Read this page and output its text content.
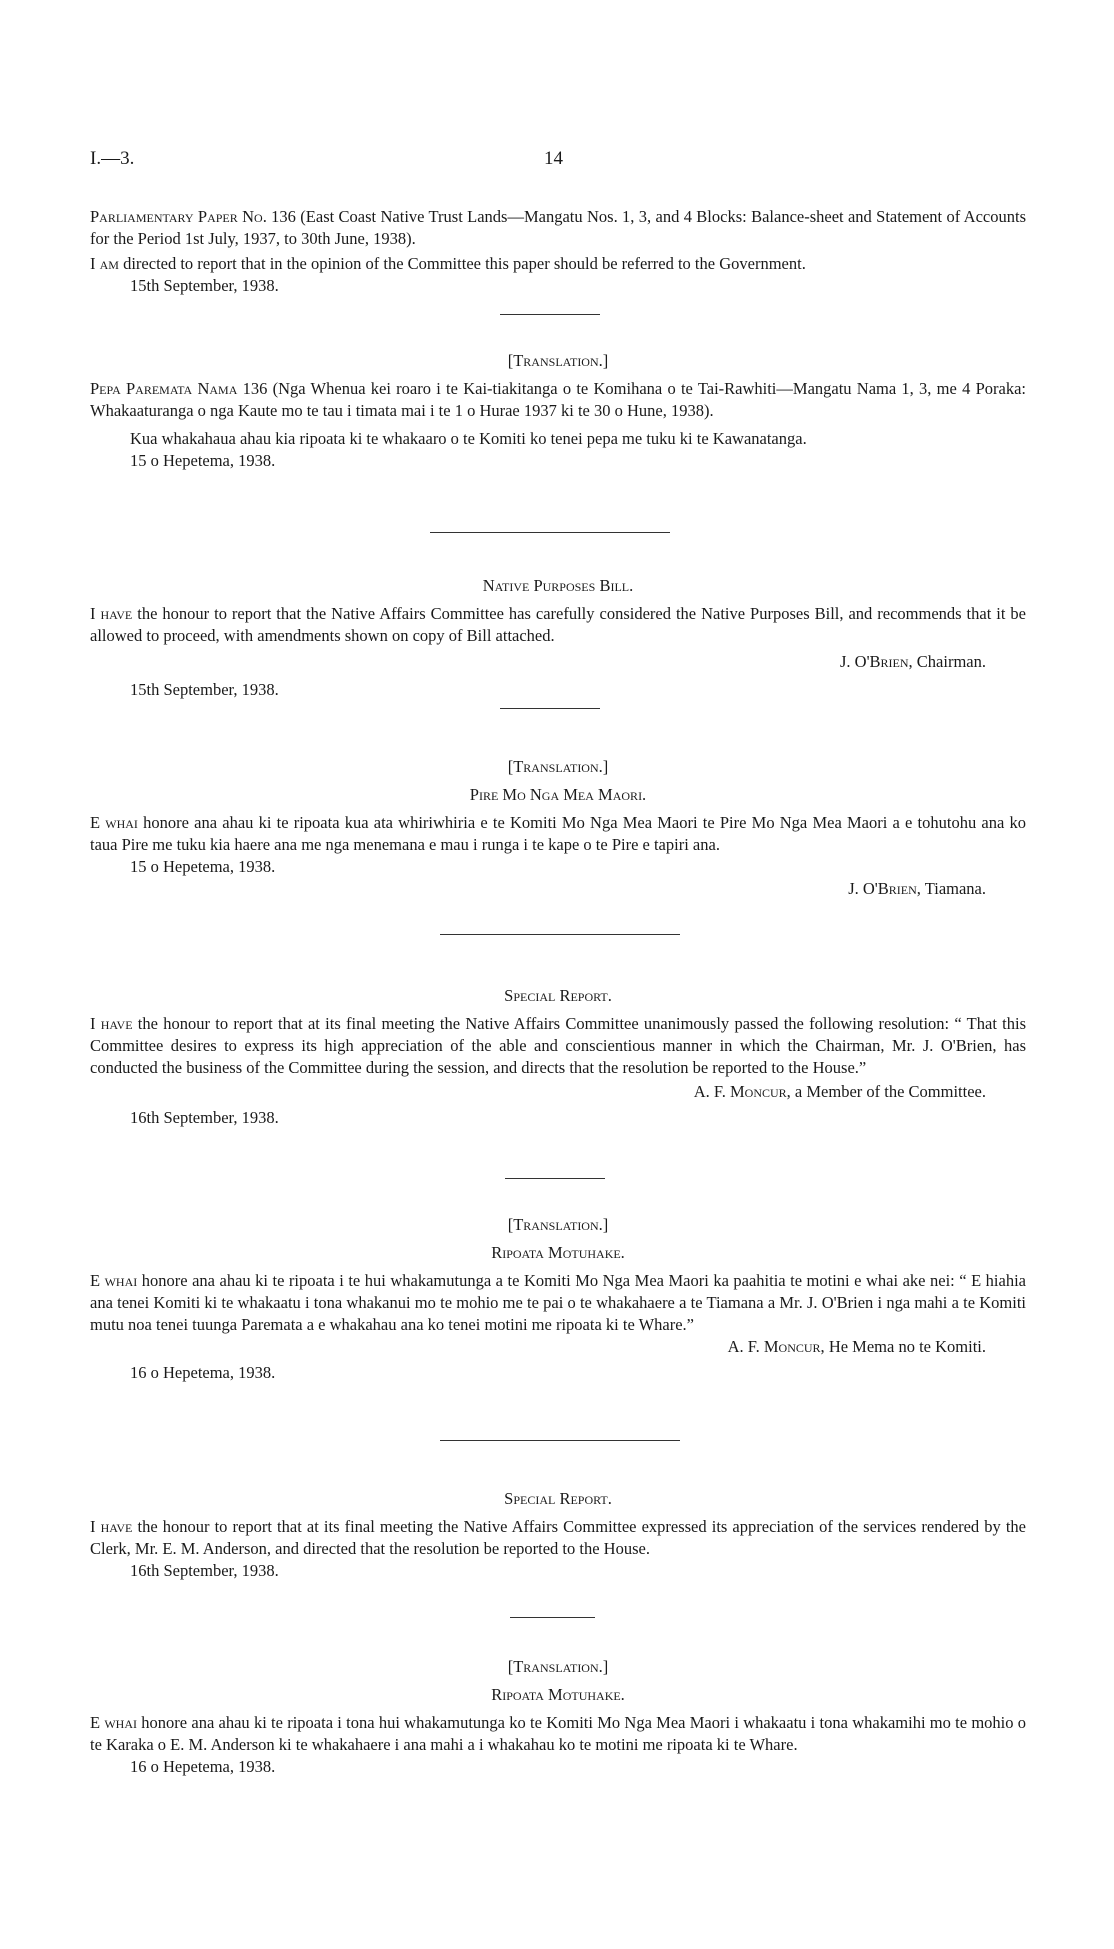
I.—3.	14

Parliamentary Paper No. 136 (East Coast Native Trust Lands—Mangatu Nos. 1, 3, and 4 Blocks: Balance-sheet and Statement of Accounts for the Period 1st July, 1937, to 30th June, 1938).

I am directed to report that in the opinion of the Committee this paper should be referred to the Government.

15th September, 1938.

[Translation.]

Pepa Paremata Nama 136 (Nga Whenua kei roaro i te Kai-tiakitanga o te Komihana o te Tai-Rawhiti—Mangatu Nama 1, 3, me 4 Poraka: Whakaaturanga o nga Kaute mo te tau i timata mai i te 1 o Hurae 1937 ki te 30 o Hune, 1938).

Kua whakahaua ahau kia ripoata ki te whakaaro o te Komiti ko tenei pepa me tuku ki te Kawanatanga.

15 o Hepetema, 1938.

Native Purposes Bill.

I have the honour to report that the Native Affairs Committee has carefully considered the Native Purposes Bill, and recommends that it be allowed to proceed, with amendments shown on copy of Bill attached.

J. O'Brien, Chairman.

15th September, 1938.

[Translation.]

Pire Mo Nga Mea Maori.

E whai honore ana ahau ki te ripoata kua ata whiriwhiria e te Komiti Mo Nga Mea Maori te Pire Mo Nga Mea Maori a e tohutohu ana ko taua Pire me tuku kia haere ana me nga menemana e mau i runga i te kape o te Pire e tapiri ana.

15 o Hepetema, 1938.

J. O'Brien, Tiamana.

Special Report.

I have the honour to report that at its final meeting the Native Affairs Committee unanimously passed the following resolution: “ That this Committee desires to express its high appreciation of the able and conscientious manner in which the Chairman, Mr. J. O'Brien, has conducted the business of the Committee during the session, and directs that the resolution be reported to the House.”

A. F. Moncur, a Member of the Committee.

16th September, 1938.

[Translation.]

Ripoata Motuhake.

E whai honore ana ahau ki te ripoata i te hui whakamutunga a te Komiti Mo Nga Mea Maori ka paahitia te motini e whai ake nei: “ E hiahia ana tenei Komiti ki te whakaatu i tona whakanui mo te mohio me te pai o te whakahaere a te Tiamana a Mr. J. O'Brien i nga mahi a te Komiti mutu noa tenei tuunga Paremata a e whakahau ana ko tenei motini me ripoata ki te Whare.”

A. F. Moncur, He Mema no te Komiti.

16 o Hepetema, 1938.

Special Report.

I have the honour to report that at its final meeting the Native Affairs Committee expressed its appreciation of the services rendered by the Clerk, Mr. E. M. Anderson, and directed that the resolution be reported to the House.

16th September, 1938.

[Translation.]

Ripoata Motuhake.

E whai honore ana ahau ki te ripoata i tona hui whakamutunga ko te Komiti Mo Nga Mea Maori i whakaatu i tona whakamihi mo te mohio o te Karaka o E. M. Anderson ki te whakahaere i ana mahi a i whakahau ko te motini me ripoata ki te Whare.

16 o Hepetema, 1938.
